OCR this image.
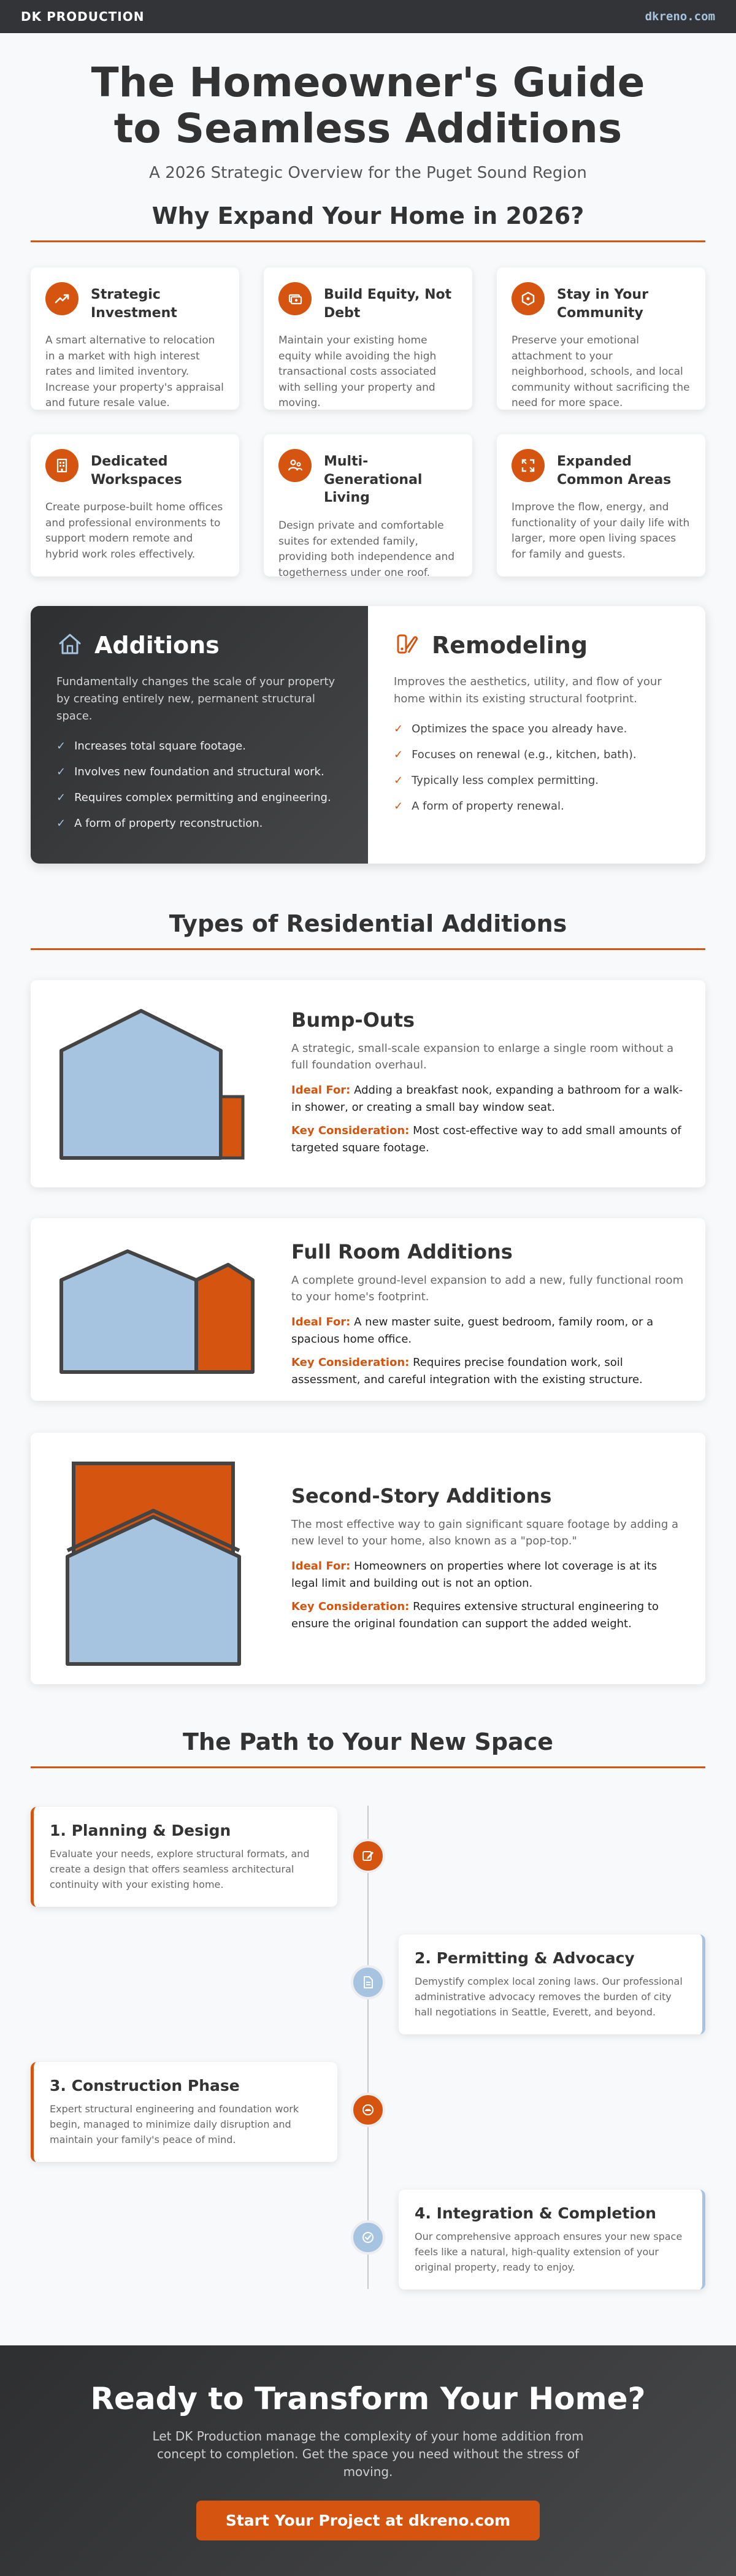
DK PRODUCTION	dkreno.com
The Homeowner's Guide to Seamless Additions

A 2026 Strategic Overview for the Puget Sound Region

Why Expand Your Home in 2026?
Strategic Investment
A smart alternative to relocation in a market with high interest rates and limited inventory. Increase your property's appraisal and future resale value.
Build Equity, Not Debt
Maintain your existing home equity while avoiding the high transactional costs associated with selling your property and moving.
Stay in Your Community
Preserve your emotional attachment to your neighborhood, schools, and local community without sacrificing the need for more space.
Dedicated Workspaces
Create purpose-built home offices and professional environments to support modern remote and hybrid work roles effectively.
Multi-Generational Living
Design private and comfortable suites for extended family, providing both independence and togetherness under one roof.
Expanded Common Areas
Improve the flow, energy, and functionality of your daily life with larger, more open living spaces for family and guests.
Additions
Fundamentally changes the scale of your property by creating entirely new, permanent structural space.
✓ Increases total square footage.
✓ Involves new foundation and structural work.
✓ Requires complex permitting and engineering.
✓ A form of property reconstruction.
Remodeling
Improves the aesthetics, utility, and flow of your home within its existing structural footprint.
✓ Optimizes the space you already have.
✓ Focuses on renewal (e.g., kitchen, bath).
✓ Typically less complex permitting.
✓ A form of property renewal.
Types of Residential Additions
Bump-Outs
A strategic, small-scale expansion to enlarge a single room without a full foundation overhaul.
Ideal For: Adding a breakfast nook, expanding a bathroom for a walk-in shower, or creating a small bay window seat.
Key Consideration: Most cost-effective way to add small amounts of targeted square footage.
Full Room Additions
A complete ground-level expansion to add a new, fully functional room to your home's footprint.
Ideal For: A new master suite, guest bedroom, family room, or a spacious home office.
Key Consideration: Requires precise foundation work, soil assessment, and careful integration with the existing structure.
Second-Story Additions
The most effective way to gain significant square footage by adding a new level to your home, also known as a "pop-top."
Ideal For: Homeowners on properties where lot coverage is at its legal limit and building out is not an option.
Key Consideration: Requires extensive structural engineering to ensure the original foundation can support the added weight.
The Path to Your New Space
1. Planning & Design

Evaluate your needs, explore structural formats, and create a design that offers seamless architectural continuity with your existing home.

2. Permitting & Advocacy

Demystify complex local zoning laws. Our professional administrative advocacy removes the burden of city hall negotiations in Seattle, Everett, and beyond.

3. Construction Phase

Expert structural engineering and foundation work begin, managed to minimize daily disruption and maintain your family's peace of mind.

4. Integration & Completion

Our comprehensive approach ensures your new space feels like a natural, high-quality extension of your original property, ready to enjoy.

Ready to Transform Your Home?

Let DK Production manage the complexity of your home addition from concept to completion. Get the space you need without the stress of moving.

Start Your Project at dkreno.com
